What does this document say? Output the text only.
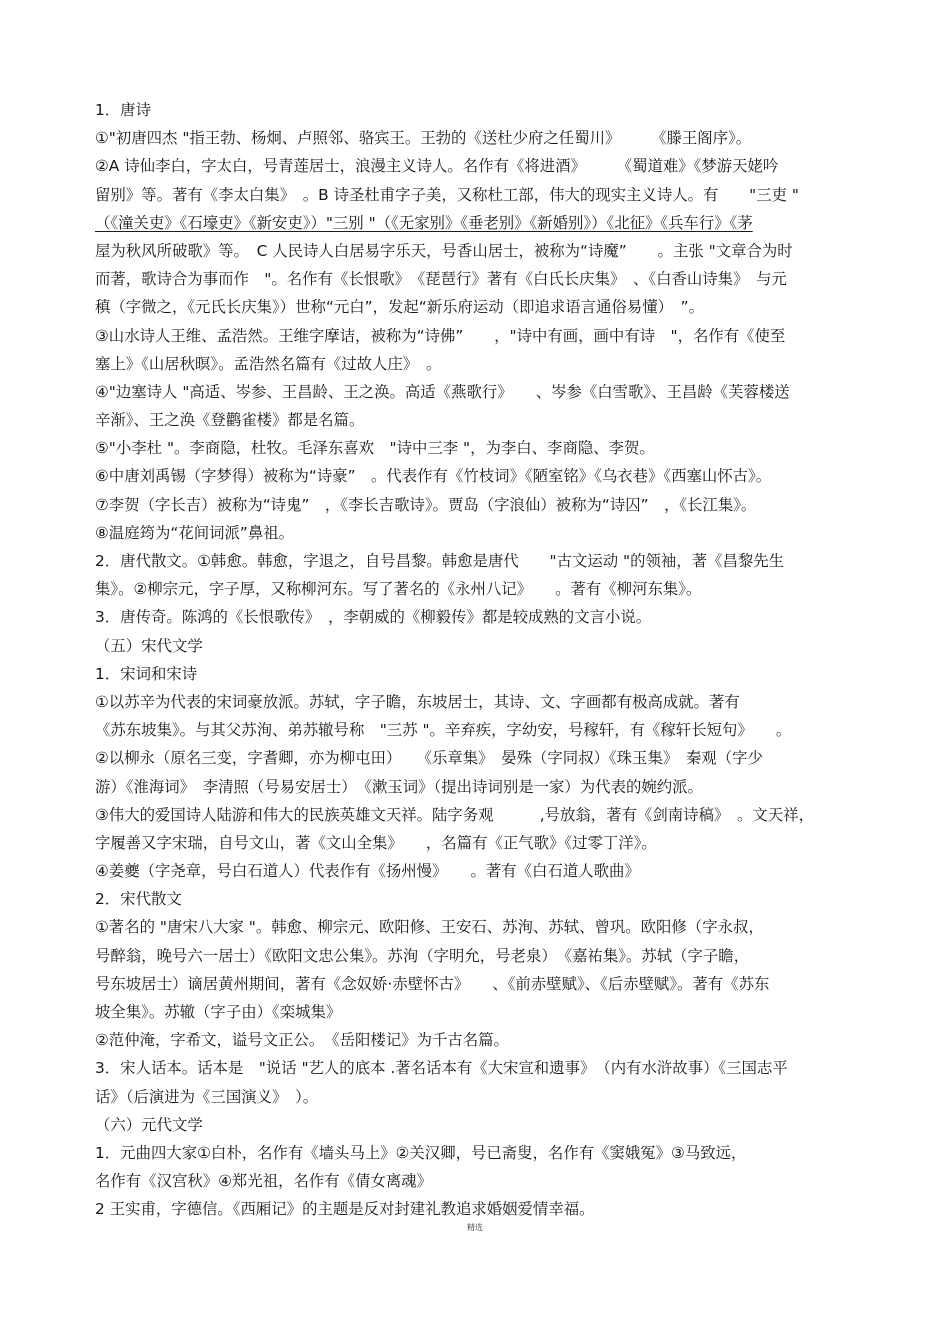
1．唐诗
①"初唐四杰 "指王勃、杨炯、卢照邻、骆宾王。王勃的《送杜少府之任蜀川》　　　《滕王阁序》。
②A 诗仙李白，字太白，号青莲居士，浪漫主义诗人。名作有《将进酒》　　　《蜀道难》《梦游天姥吟
留别》等。著有《李太白集》　。B 诗圣杜甫字子美，又称杜工部，伟大的现实主义诗人。有　　"三吏 "
（《潼关吏》《石壕吏》《新安吏》）"三别 "（《无家别》《垂老别》《新婚别》）《北征》《兵车行》《茅
屋为秋风所破歌》等。　C 人民诗人白居易字乐天，号香山居士，被称为“诗魔”　　。主张 "文章合为时
而著，歌诗合为事而作　"。名作有《长恨歌》　《琵琶行》著有《白氏长庆集》　、《白香山诗集》　与元
稹（字微之，《元氏长庆集》）世称“元白”，发起“新乐府运动（即追求语言通俗易懂）　”。
③山水诗人王维、孟浩然。王维字摩诘，被称为“诗佛”　　，"诗中有画，画中有诗　"，名作有《使至
塞上》《山居秋暝》。孟浩然名篇有《过故人庄》　。
④"边塞诗人 "高适、岑参、王昌龄、王之涣。高适《燕歌行》　　、岑参《白雪歌》、王昌龄《芙蓉楼送
辛渐》、王之涣《登鹳雀楼》都是名篇。
⑤"小李杜 "。李商隐，杜牧。毛泽东喜欢　"诗中三李 "，为李白、李商隐、李贺。
⑥中唐刘禹锡（字梦得）被称为“诗豪”　。代表作有《竹枝词》《陋室铭》《乌衣巷》《西塞山怀古》。
⑦李贺（字长吉）被称为“诗鬼”　，《李长吉歌诗》。贾岛（字浪仙）被称为“诗囚”　，《长江集》。
⑧温庭筠为“花间词派”鼻祖。
2．唐代散文。①韩愈。韩愈，字退之，自号昌黎。韩愈是唐代　　"古文运动 "的领袖，著《昌黎先生
集》。②柳宗元，字子厚，又称柳河东。写了著名的《永州八记》　　。著有《柳河东集》。
3．唐传奇。陈鸿的《长恨歌传》　，李朝威的《柳毅传》都是较成熟的文言小说。
（五）宋代文学
1．宋词和宋诗
①以苏辛为代表的宋词豪放派。苏轼，字子瞻，东坡居士，其诗、文、字画都有极高成就。著有
《苏东坡集》。与其父苏洵、弟苏辙号称　"三苏 "。辛弃疾，字幼安，号稼轩，有《稼轩长短句》　　。
②以柳永（原名三变，字耆卿，亦为柳屯田）　　《乐章集》　晏殊（字同叔）《珠玉集》　秦观（字少
游）《淮海词》　李清照（号易安居士）　《漱玉词》（提出诗词别是一家）为代表的婉约派。
③伟大的爱国诗人陆游和伟大的民族英雄文天祥。陆字务观　　　,号放翁，著有《剑南诗稿》　。文天祥，
字履善又字宋瑞，自号文山，著《文山全集》　　，名篇有《正气歌》《过零丁洋》。
④姜夔（字尧章，号白石道人）代表作有《扬州慢》　　。著有《白石道人歌曲》
2．宋代散文
①著名的 "唐宋八大家 "。韩愈、柳宗元、欧阳修、王安石、苏洵、苏轼、曾巩。欧阳修（字永叔，
号醉翁，晚号六一居士）《欧阳文忠公集》。苏洵（字明允，号老泉）　《嘉祐集》。苏轼（字子瞻，
号东坡居士）谪居黄州期间，著有《念奴娇·赤壁怀古》　　、《前赤壁赋》、《后赤壁赋》。著有《苏东
坡全集》。苏辙（字子由）《栾城集》
②范仲淹，字希文，谥号文正公。　《岳阳楼记》为千古名篇。
3．宋人话本。话本是　"说话 "艺人的底本 .著名话本有《大宋宣和遗事》　（内有水浒故事）《三国志平
话》（后演进为《三国演义》　）。
（六）元代文学
1．元曲四大家①白朴，名作有《墙头马上》②关汉卿，号已斋叟，名作有《窦娥冤》③马致远，
名作有《汉宫秋》④郑光祖，名作有《倩女离魂》
2 王实甫，字德信。《西厢记》的主题是反对封建礼教追求婚姻爱情幸福。
精选
